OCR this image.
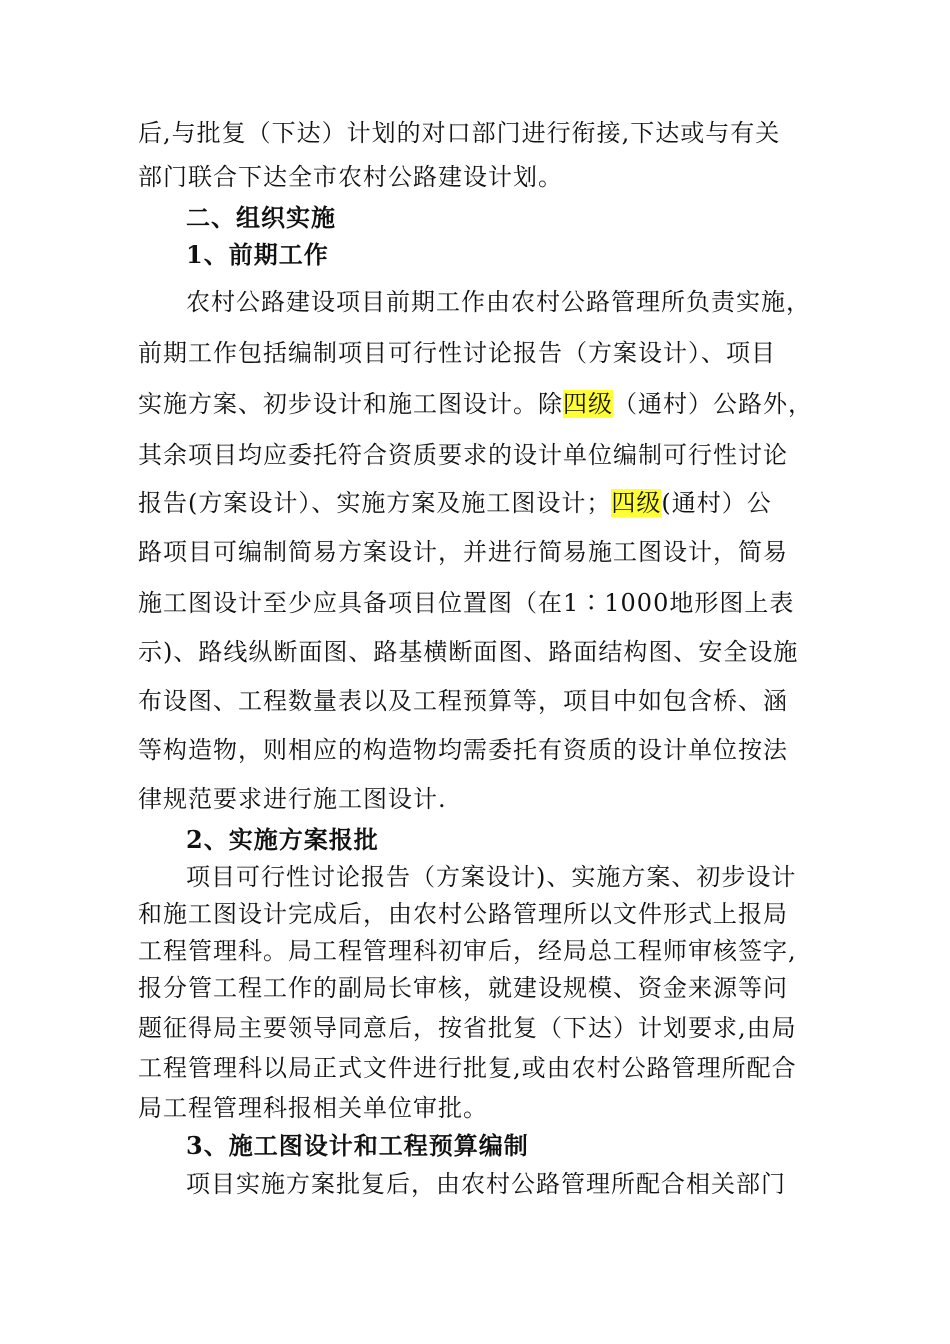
后,与批复（下达）计划的对口部门进行衔接,下达或与有关
部门联合下达全市农村公路建设计划。
二、组织实施
1、前期工作
农村公路建设项目前期工作由农村公路管理所负责实施，
前期工作包括编制项目可行性讨论报告（方案设计）、项目
实施方案、初步设计和施工图设计。除四级（通村）公路外，
其余项目均应委托符合资质要求的设计单位编制可行性讨论
报告(方案设计）、实施方案及施工图设计；四级(通村）公
路项目可编制简易方案设计，并进行简易施工图设计，简易
施工图设计至少应具备项目位置图（在1∶1000地形图上表
示)、路线纵断面图、路基横断面图、路面结构图、安全设施
布设图、工程数量表以及工程预算等，项目中如包含桥、涵
等构造物，则相应的构造物均需委托有资质的设计单位按法
律规范要求进行施工图设计.
2、实施方案报批
项目可行性讨论报告（方案设计)、实施方案、初步设计
和施工图设计完成后，由农村公路管理所以文件形式上报局
工程管理科。局工程管理科初审后，经局总工程师审核签字,
报分管工程工作的副局长审核，就建设规模、资金来源等问
题征得局主要领导同意后，按省批复（下达）计划要求,由局
工程管理科以局正式文件进行批复,或由农村公路管理所配合
局工程管理科报相关单位审批。
3、施工图设计和工程预算编制
项目实施方案批复后，由农村公路管理所配合相关部门
